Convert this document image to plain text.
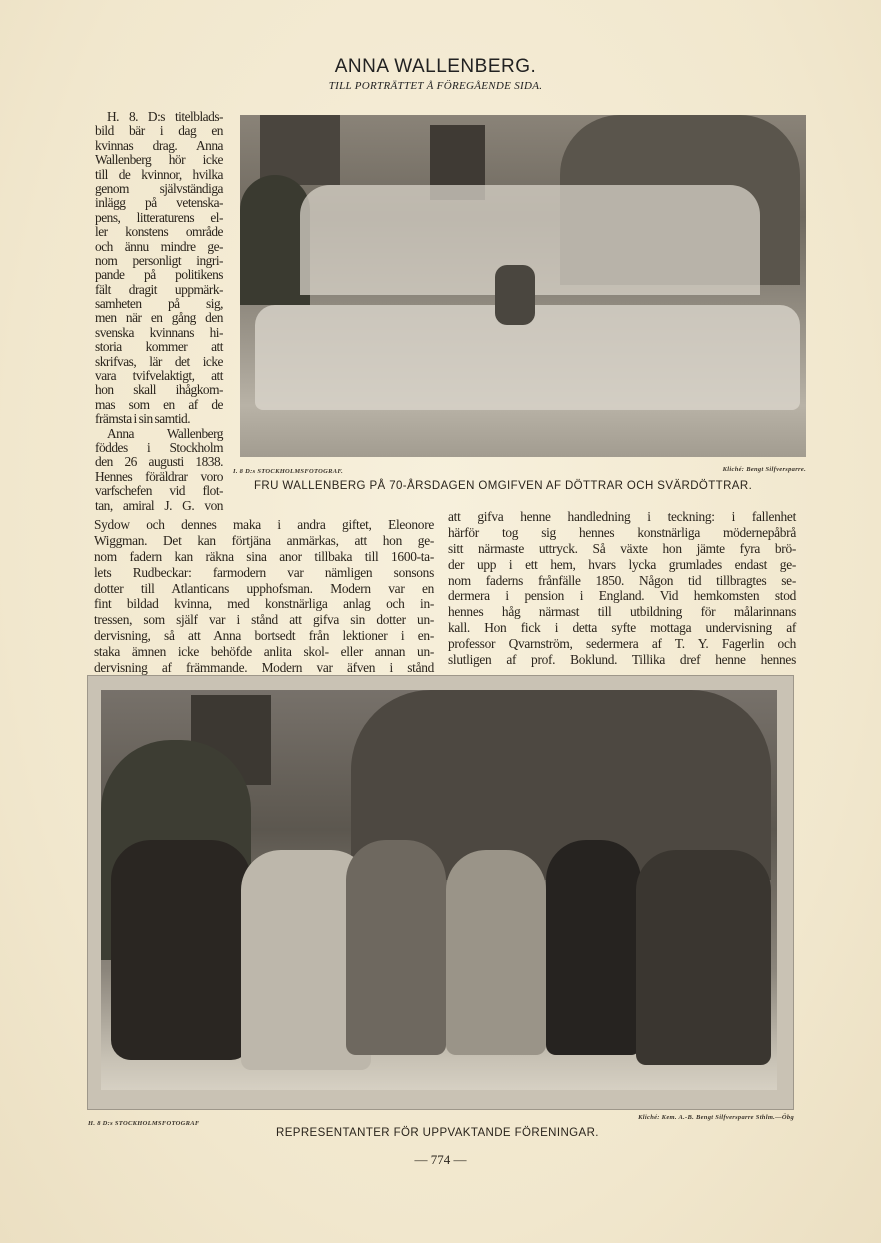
ANNA WALLENBERG.
TILL PORTRÄTTET Å FÖREGÅENDE SIDA.
H. 8. D:s titelblads-
bild bär i dag en
kvinnas drag. Anna
Wallenberg hör icke
till de kvinnor, hvilka
genom självständiga
inlägg på vetenska-
pens, litteraturens el-
ler konstens område
och ännu mindre ge-
nom personligt ingri-
pande på politikens
fält dragit uppmärk-
samheten på sig,
men när en gång den
svenska kvinnans hi-
storia kommer att
skrifvas, lär det icke
vara tvifvelaktigt, att
hon skall ihågkom-
mas som en af de
främsta i sin samtid.
Anna Wallenberg
föddes i Stockholm
den 26 augusti 1838.
Hennes föräldrar voro
varfschefen vid flot-
tan, amiral J. G. von
I. 8 D:s STOCKHOLMSFOTOGRAF.	Kliché: Bengt Silfversparre.
FRU WALLENBERG PÅ 70-ÅRSDAGEN OMGIFVEN AF DÖTTRAR OCH SVÄRDÖTTRAR.
Sydow och dennes maka i andra giftet, Eleonore
Wiggman. Det kan förtjäna anmärkas, att hon ge-
nom fadern kan räkna sina anor tillbaka till 1600-ta-
lets Rudbeckar: farmodern var nämligen sonsons
dotter till Atlanticans upphofsman. Modern var en
fint bildad kvinna, med konstnärliga anlag och in-
tressen, som själf var i stånd att gifva sin dotter un-
dervisning, så att Anna bortsedt från lektioner i en-
staka ämnen icke behöfde anlita skol- eller annan un-
dervisning af främmande. Modern var äfven i stånd
att gifva henne handledning i teckning: i fallenhet
härför tog sig hennes konstnärliga mödernepåbrå
sitt närmaste uttryck. Så växte hon jämte fyra brö-
der upp i ett hem, hvars lycka grumlades endast ge-
nom faderns frånfälle 1850. Någon tid tillbragtes se-
dermera i pension i England. Vid hemkomsten stod
hennes håg närmast till utbildning för målarinnans
kall. Hon fick i detta syfte mottaga undervisning af
professor Qvarnström, sedermera af T. Y. Fagerlin och
slutligen af prof. Boklund. Tillika dref henne hennes
H. 8 D:s STOCKHOLMSFOTOGRAF
Kliché: Kem. A.-B. Bengt Silfversparre Sthlm.—Öbg
REPRESENTANTER FÖR UPPVAKTANDE FÖRENINGAR.
— 774 —
